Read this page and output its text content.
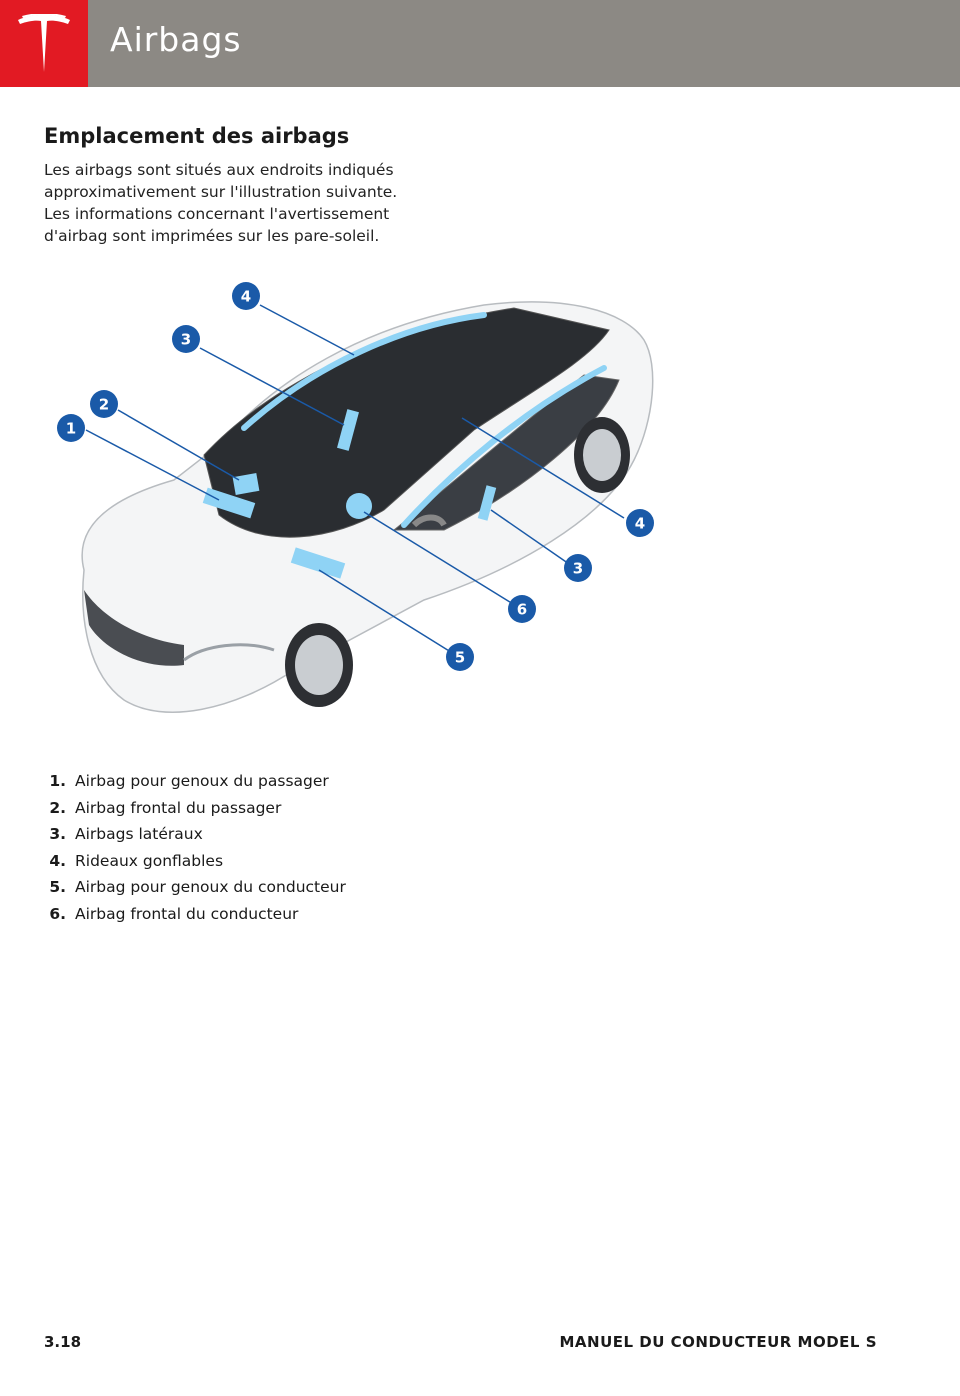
Airbags
Emplacement des airbags

Les airbags sont situés aux endroits indiqués approximativement sur l'illustration suivante.

Les informations concernant l'avertissement d'airbag sont imprimées sur les pare-soleil.

1
2
3
4
3
4
6
5
1. Airbag pour genoux du passager
2. Airbag frontal du passager
3. Airbags latéraux
4. Rideaux gonflables
5. Airbag pour genoux du conducteur
6. Airbag frontal du conducteur
3.18	MANUEL DU CONDUCTEUR MODEL S
